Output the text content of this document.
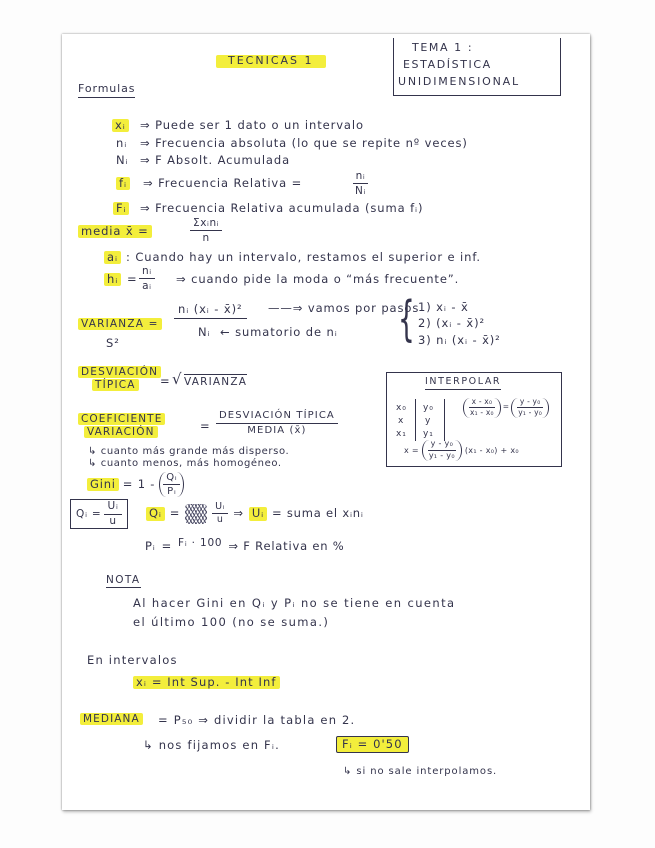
TECNICAS 1
TEMA 1 :
ESTADÍSTICA
UNIDIMENSIONAL
Formulas
xᵢ ⇒ Puede ser 1 dato o un intervalo
nᵢ ⇒ Frecuencia absoluta (lo que se repite nº veces)
Nᵢ ⇒ F Absolt. Acumulada
fᵢ ⇒ Frecuencia Relativa =	$\frac{\text{nᵢ}}{\text{Nᵢ}}$
Fᵢ ⇒ Frecuencia Relativa acumulada (suma fᵢ)
media x̄ =
Σxᵢnᵢ
n
aᵢ : Cuando hay un intervalo, restamos el superior e inf.
hᵢ = $\frac{\text{nᵢ}}{\text{aᵢ}}$ ⇒ cuando pide la moda o “más frecuente”.
VARIANZA =
S²
nᵢ (xᵢ - x̄)²	——⇒ vamos por pasos
Nᵢ ← sumatorio de nᵢ { 1) xᵢ - x̄
2) (xᵢ - x̄)²
3) nᵢ (xᵢ - x̄)²
DESVIACIÓN
TÍPICA = √ VARIANZA	INTERPOLAR
x₀ y₀
x y
x₁ y₁
$\frac{\text{x - x₀}}{\text{x₁ - x₀}} = \frac{\text{y - y₀}}{\text{y₁ - y₀}}$
$x = \frac{\text{y - y₀}}{\text{y₁ - y₀}} (x_1 - x_0) + x_0$
COEFICIENTE
VARIACIÓN	=
DESVIACIÓN TÍPICA
MEDIA (x̄)
↳ cuanto más grande más disperso.
↳ cuanto menos, más homogéneo.
Gini = $1 - \frac{\text{Qᵢ}}{\text{Pᵢ}}$
Qᵢ = $\frac{\text{Uᵢ}}{u}$ Qᵢ =	$\frac{\text{Uᵢ}}{u}$ ⇒ Uᵢ = suma el xᵢnᵢ
Pᵢ = Fᵢ · 100 ⇒ F Relativa en %
NOTA
Al hacer Gini en Qᵢ y Pᵢ no se tiene en cuenta
el último 100 (no se suma.)
En intervalos
xᵢ = Int Sup. - Int Inf
MEDIANA = P₅₀ ⇒ dividir la tabla en 2.
↳ nos fijamos en Fᵢ.	Fᵢ = 0'50
↳ si no sale interpolamos.
